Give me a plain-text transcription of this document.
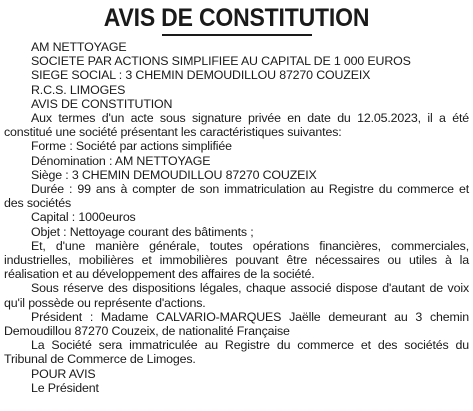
AVIS DE CONSTITUTION

AM NETTOYAGE

SOCIETE PAR ACTIONS SIMPLIFIEE AU CAPITAL DE 1 000 EUROS

SIEGE SOCIAL : 3 CHEMIN DEMOUDILLOU 87270 COUZEIX

R.C.S. LIMOGES

AVIS DE CONSTITUTION

Aux termes d'un acte sous signature privée en date du 12.05.2023, il a été constitué une société présentant les caractéristiques suivantes:

Forme : Société par actions simplifiée

Dénomination : AM NETTOYAGE

Siège : 3 CHEMIN DEMOUDILLOU 87270 COUZEIX

Durée : 99 ans à compter de son immatriculation au Registre du commerce et des sociétés

Capital : 1000euros

Objet : Nettoyage courant des bâtiments ;

Et, d'une manière générale, toutes opérations financières, commerciales, industrielles, mobilières et immobilières pouvant être nécessaires ou utiles à la réalisation et au développement des affaires de la société.

Sous réserve des dispositions légales, chaque associé dispose d'autant de voix qu'il possède ou représente d'actions.

Président : Madame CALVARIO-MARQUES Jaëlle demeurant au 3 chemin Demoudillou 87270 Couzeix, de nationalité Française

La Société sera immatriculée au Registre du commerce et des sociétés du Tribunal de Commerce de Limoges.

POUR AVIS

Le Président
